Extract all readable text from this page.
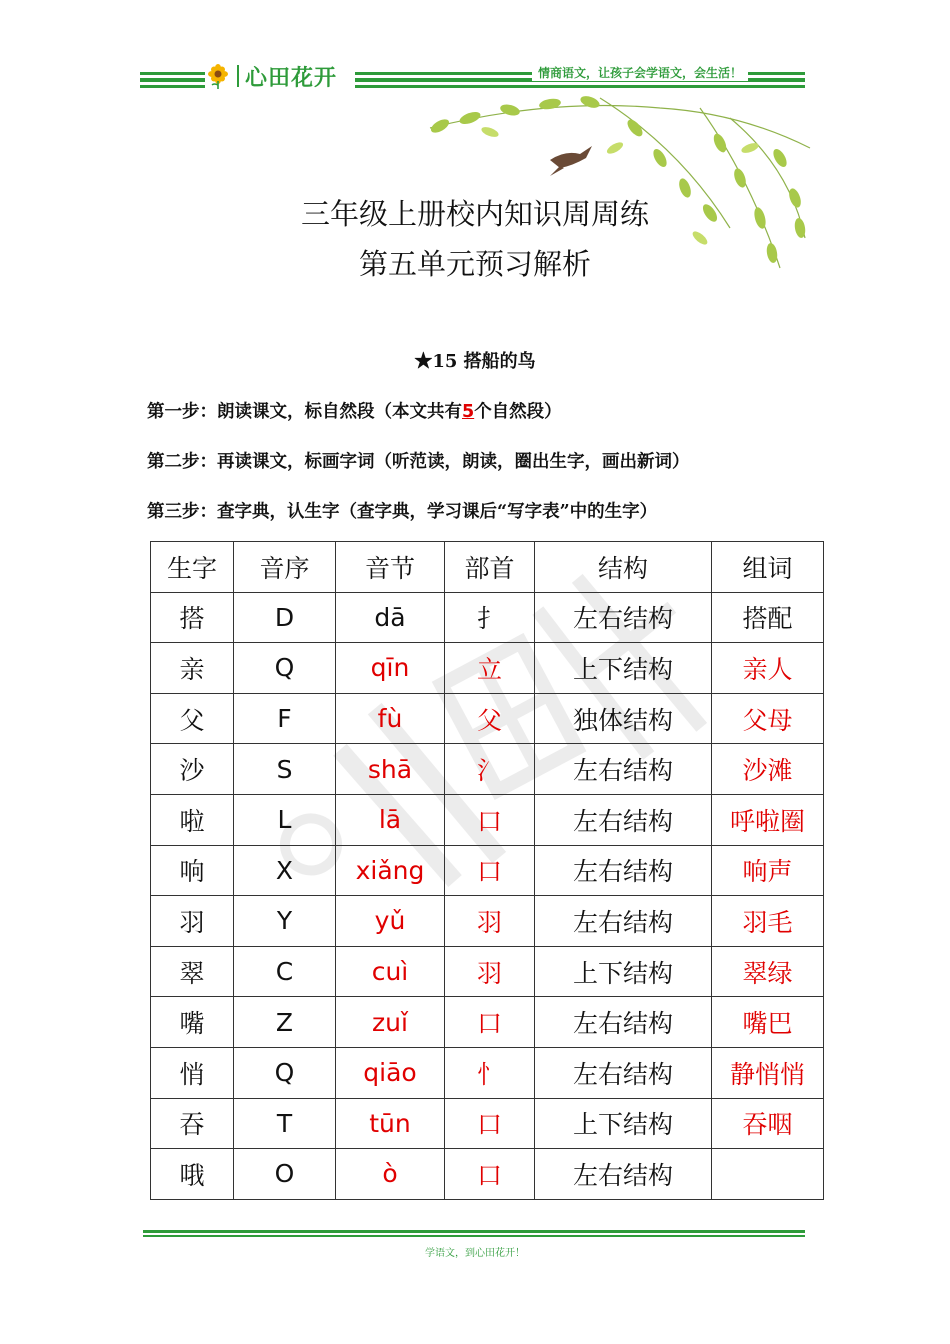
心田花开	情商语文，让孩子会学语文，会生活！
三年级上册校内知识周周练
第五单元预习解析
★15 搭船的鸟
第一步：朗读课文，标自然段（本文共有5个自然段）
第二步：再读课文，标画字词（听范读，朗读，圈出生字，画出新词）
第三步：查字典，认生字（查字典，学习课后“写字表”中的生字）
生字	音序	音节	部首	结构	组词
搭	D	dā	扌	左右结构	搭配
亲	Q	qīn	立	上下结构	亲人
父	F	fù	父	独体结构	父母
沙	S	shā	氵	左右结构	沙滩
啦	L	lā	口	左右结构	呼啦圈
响	X	xiǎng	口	左右结构	响声
羽	Y	yǔ	羽	左右结构	羽毛
翠	C	cuì	羽	上下结构	翠绿
嘴	Z	zuǐ	口	左右结构	嘴巴
悄	Q	qiāo	忄	左右结构	静悄悄
吞	T	tūn	口	上下结构	吞咽
哦	O	ò	口	左右结构	
学语文，到心田花开！
